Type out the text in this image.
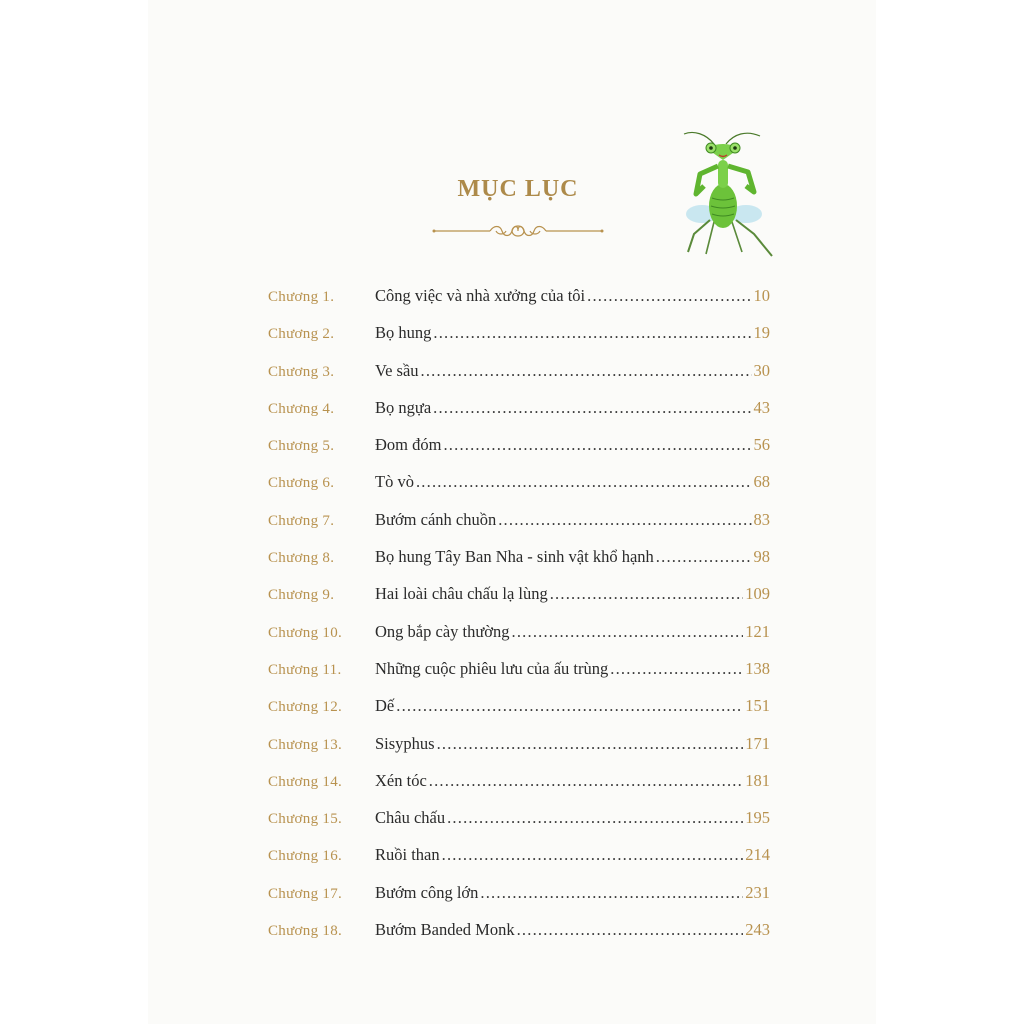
MỤC LỤC
Chương 1.	Công việc và nhà xưởng của tôi .....	10
Chương 2.	Bọ hung .....	19
Chương 3.	Ve sầu .....	30
Chương 4.	Bọ ngựa .....	43
Chương 5.	Đom đóm .....	56
Chương 6.	Tò vò .....	68
Chương 7.	Bướm cánh chuồn .....	83
Chương 8.	Bọ hung Tây Ban Nha - sinh vật khổ hạnh .....	98
Chương 9.	Hai loài châu chấu lạ lùng .....	109
Chương 10.	Ong bắp cày thường .....	121
Chương 11.	Những cuộc phiêu lưu của ấu trùng .....	138
Chương 12.	Dế .....	151
Chương 13.	Sisyphus .....	171
Chương 14.	Xén tóc .....	181
Chương 15.	Châu chấu .....	195
Chương 16.	Ruồi than .....	214
Chương 17.	Bướm công lớn .....	231
Chương 18.	Bướm Banded Monk .....	243
